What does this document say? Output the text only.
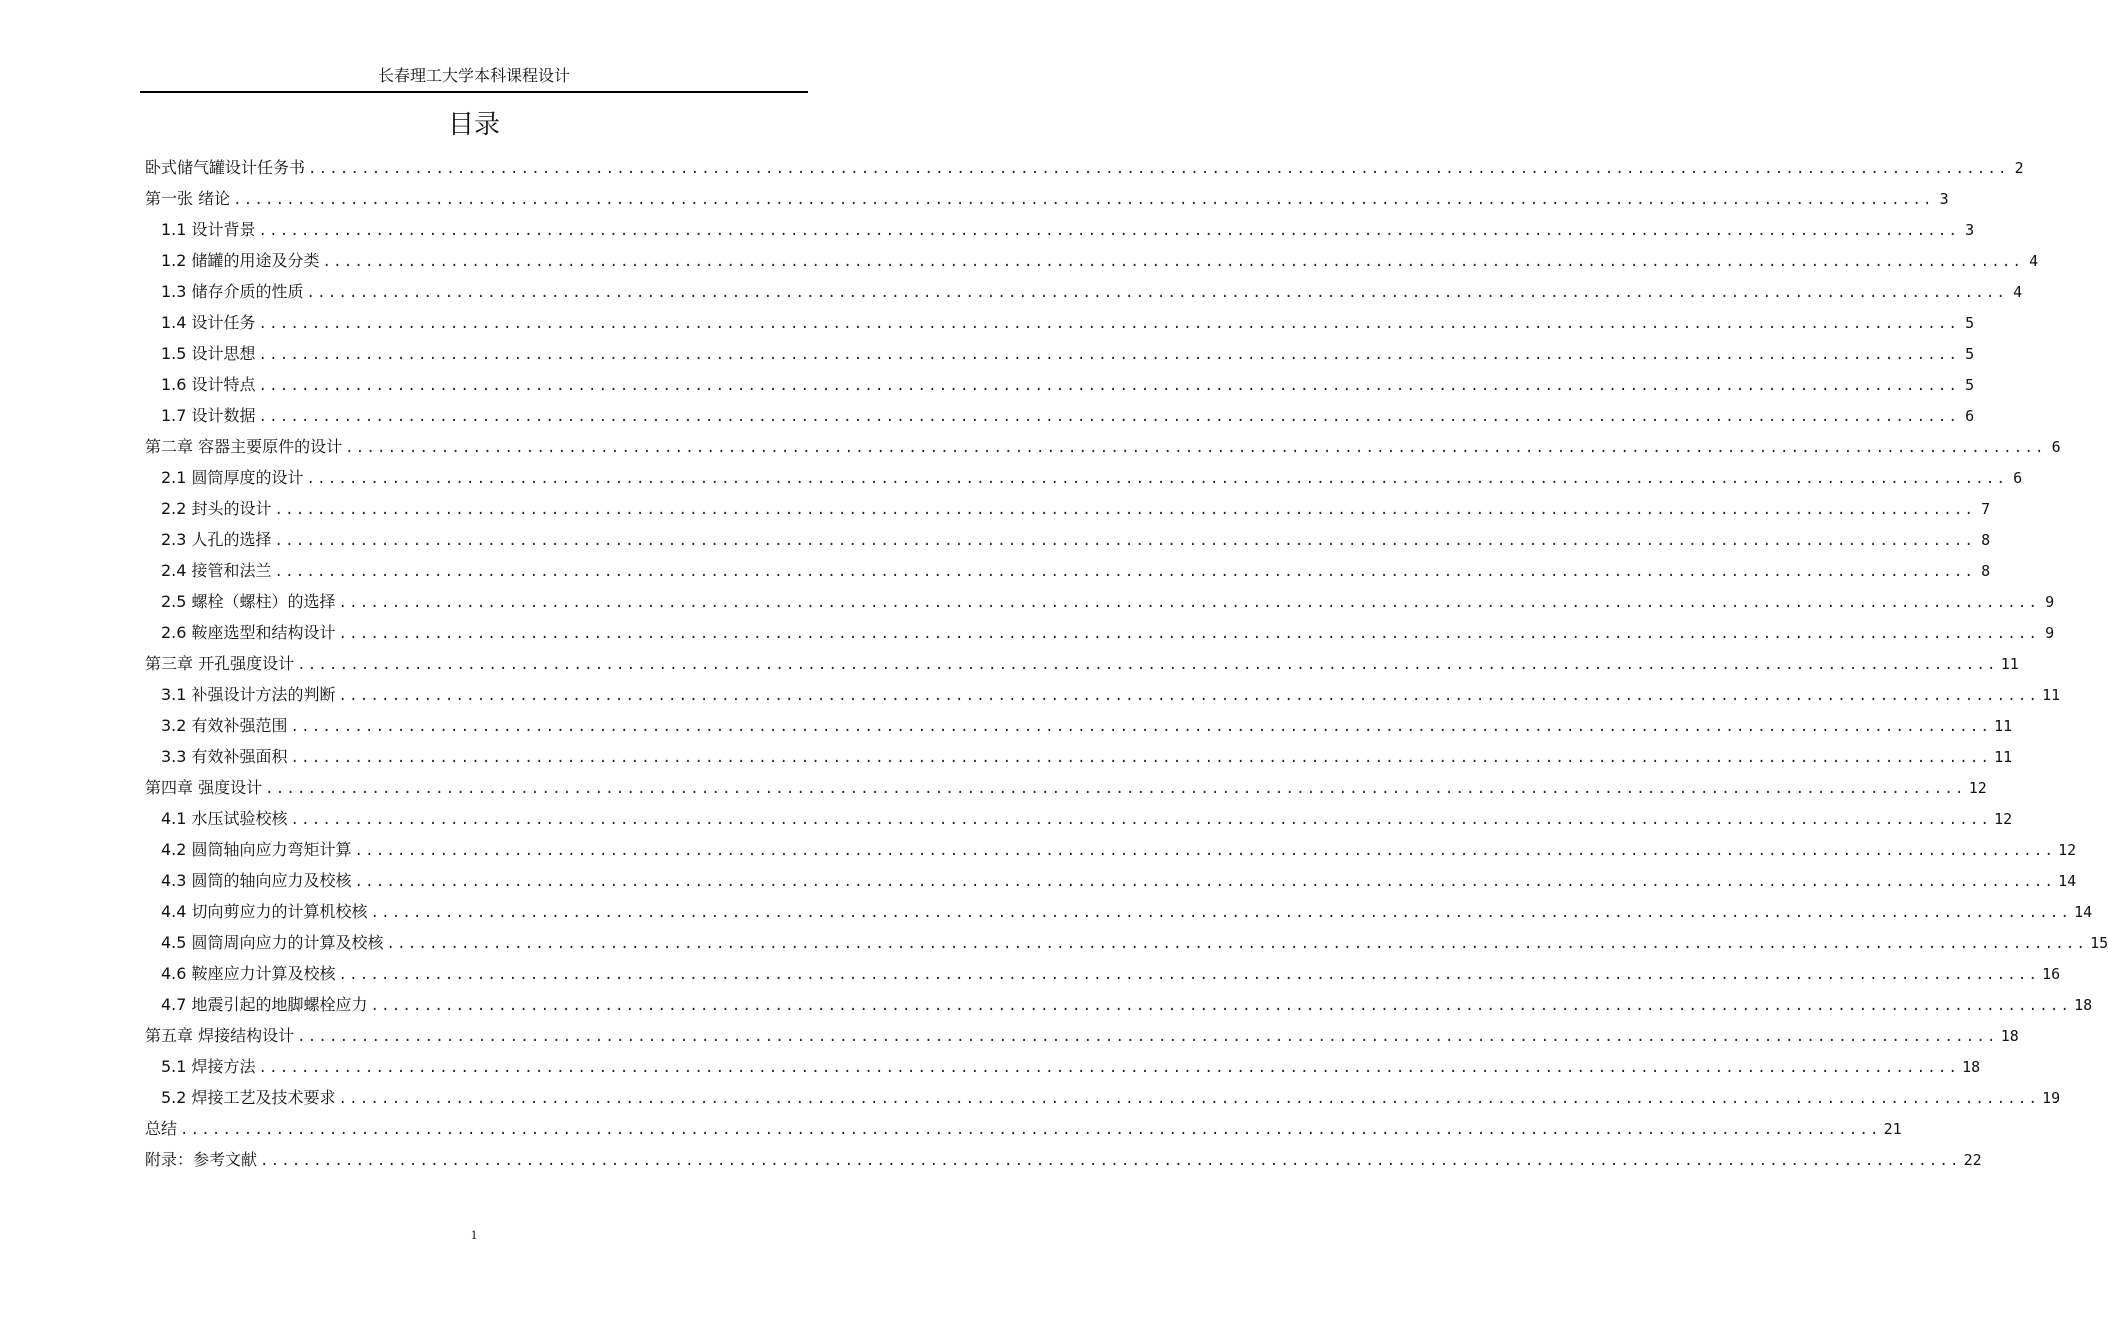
长春理工大学本科课程设计
目录
卧式储气罐设计任务书 ................................................................................................................................................................ 2
第一张 绪论 ................................................................................................................................................................ 3
1.1 设计背景 ................................................................................................................................................................ 3
1.2 储罐的用途及分类 ................................................................................................................................................................ 4
1.3 储存介质的性质 ................................................................................................................................................................ 4
1.4 设计任务 ................................................................................................................................................................ 5
1.5 设计思想 ................................................................................................................................................................ 5
1.6 设计特点 ................................................................................................................................................................ 5
1.7 设计数据 ................................................................................................................................................................ 6
第二章 容器主要原件的设计 ................................................................................................................................................................ 6
2.1 圆筒厚度的设计 ................................................................................................................................................................ 6
2.2 封头的设计 ................................................................................................................................................................ 7
2.3 人孔的选择 ................................................................................................................................................................ 8
2.4 接管和法兰 ................................................................................................................................................................ 8
2.5 螺栓（螺柱）的选择 ................................................................................................................................................................ 9
2.6 鞍座选型和结构设计 ................................................................................................................................................................ 9
第三章 开孔强度设计 ................................................................................................................................................................ 11
3.1 补强设计方法的判断 ................................................................................................................................................................ 11
3.2 有效补强范围 ................................................................................................................................................................ 11
3.3 有效补强面积 ................................................................................................................................................................ 11
第四章 强度设计 ................................................................................................................................................................ 12
4.1 水压试验校核 ................................................................................................................................................................ 12
4.2 圆筒轴向应力弯矩计算 ................................................................................................................................................................ 12
4.3 圆筒的轴向应力及校核 ................................................................................................................................................................ 14
4.4 切向剪应力的计算机校核 ................................................................................................................................................................ 14
4.5 圆筒周向应力的计算及校核 ................................................................................................................................................................ 15
4.6 鞍座应力计算及校核 ................................................................................................................................................................ 16
4.7 地震引起的地脚螺栓应力 ................................................................................................................................................................ 18
第五章 焊接结构设计 ................................................................................................................................................................ 18
5.1 焊接方法 ................................................................................................................................................................ 18
5.2 焊接工艺及技术要求 ................................................................................................................................................................ 19
总结 ................................................................................................................................................................ 21
附录：参考文献 ................................................................................................................................................................ 22
1
